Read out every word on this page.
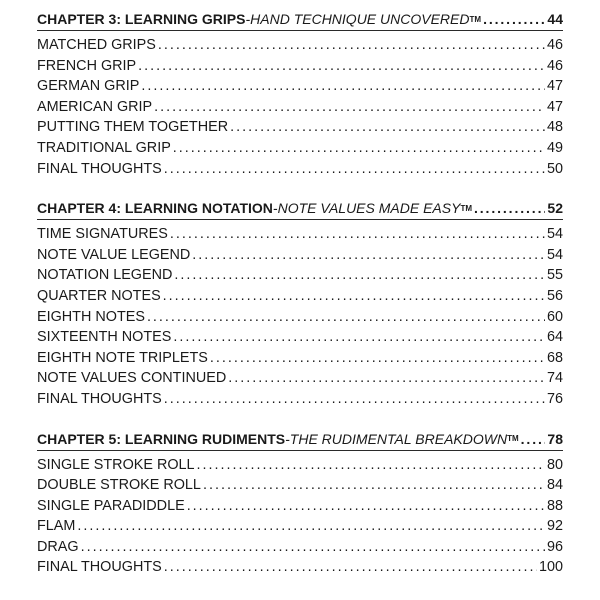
CHAPTER 3: LEARNING GRIPS - HAND TECHNIQUE UNCOVERED TM . . .	44
MATCHED GRIPS . . .	46
FRENCH GRIP . . .	46
GERMAN GRIP . . .	47
AMERICAN GRIP . . .	47
PUTTING THEM TOGETHER . . .	48
TRADITIONAL GRIP . . .	49
FINAL THOUGHTS . . .	50
CHAPTER 4: LEARNING NOTATION - NOTE VALUES MADE EASY TM . . .	52
TIME SIGNATURES . . .	54
NOTE VALUE LEGEND . . .	54
NOTATION LEGEND . . .	55
QUARTER NOTES . . .	56
EIGHTH NOTES . . .	60
SIXTEENTH NOTES . . .	64
EIGHTH NOTE TRIPLETS . . .	68
NOTE VALUES CONTINUED . . .	74
FINAL THOUGHTS . . .	76
CHAPTER 5: LEARNING RUDIMENTS - THE RUDIMENTAL BREAKDOWN TM . . . 78
SINGLE STROKE ROLL . . .	80
DOUBLE STROKE ROLL . . .	84
SINGLE PARADIDDLE . . .	88
FLAM . . .	92
DRAG . . .	96
FINAL THOUGHTS . . .	100
